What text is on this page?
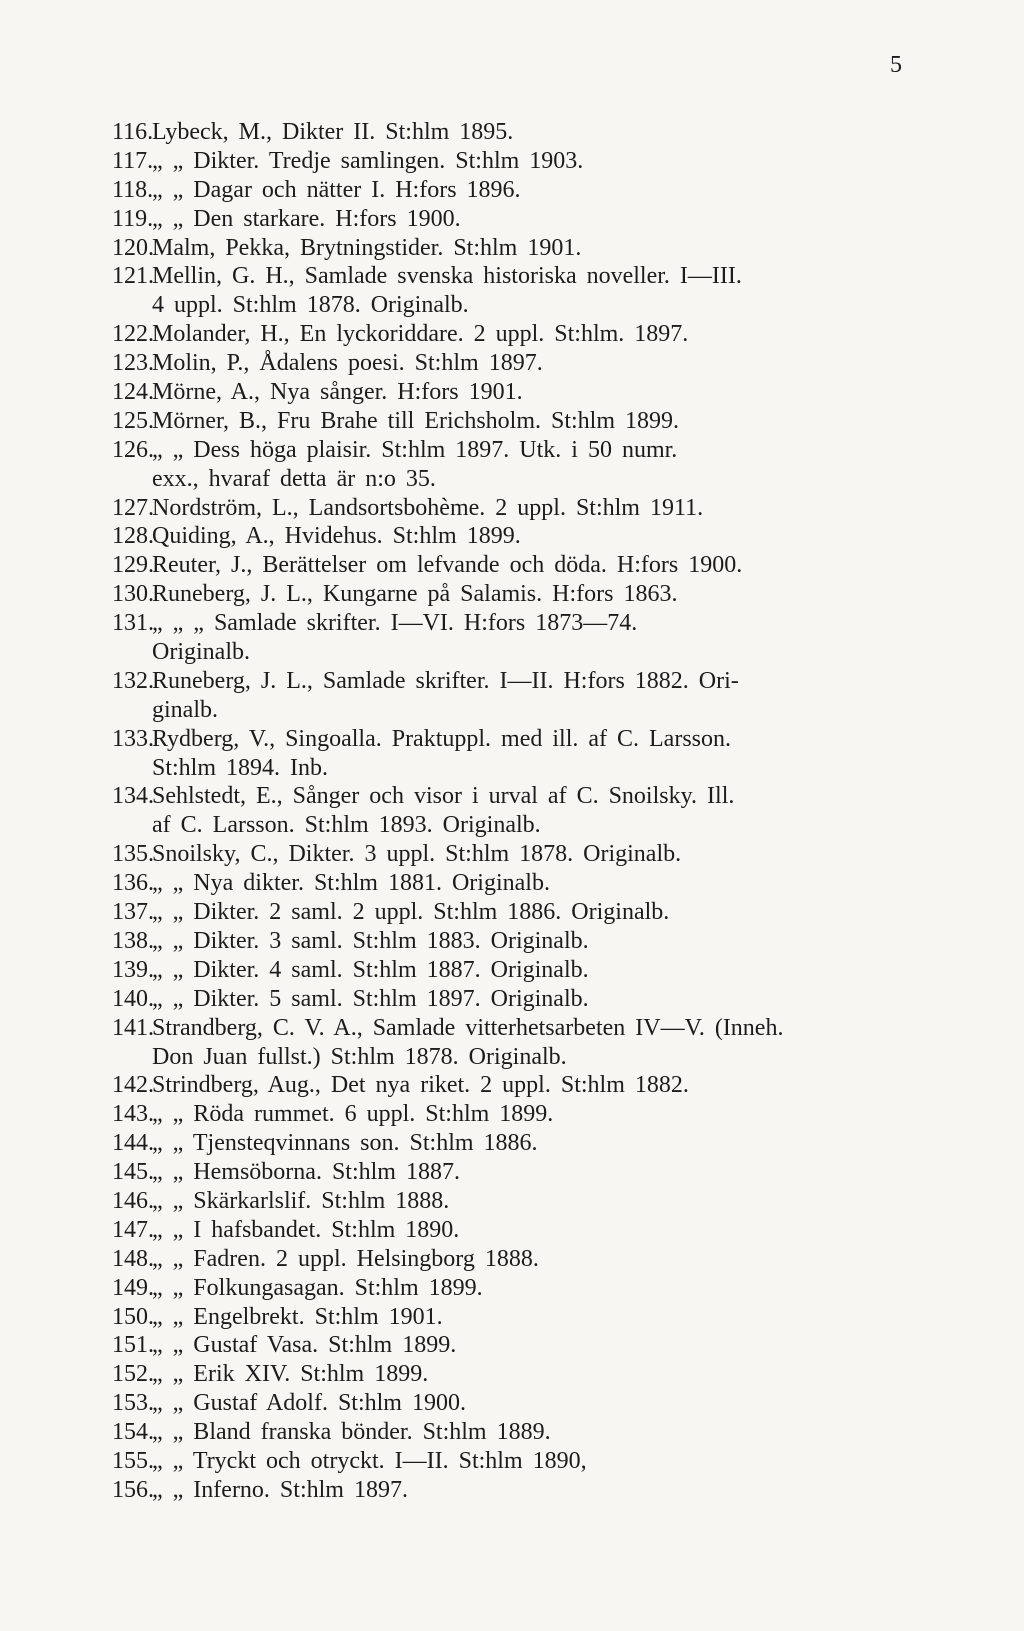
5
116.
Lybeck, M., Dikter II. St:hlm 1895.
117.
„ „ Dikter. Tredje samlingen. St:hlm 1903.
118.
„ „ Dagar och nätter I. H:fors 1896.
119.
„ „ Den starkare. H:fors 1900.
120.
Malm, Pekka, Brytningstider. St:hlm 1901.
121.
Mellin, G. H., Samlade svenska historiska noveller. I—III.
4 uppl. St:hlm 1878. Originalb.
122.
Molander, H., En lyckoriddare. 2 uppl. St:hlm. 1897.
123.
Molin, P., Ådalens poesi. St:hlm 1897.
124.
Mörne, A., Nya sånger. H:fors 1901.
125.
Mörner, B., Fru Brahe till Erichsholm. St:hlm 1899.
126.
„ „ Dess höga plaisir. St:hlm 1897. Utk. i 50 numr.
exx., hvaraf detta är n:o 35.
127.
Nordström, L., Landsortsbohème. 2 uppl. St:hlm 1911.
128.
Quiding, A., Hvidehus. St:hlm 1899.
129.
Reuter, J., Berättelser om lefvande och döda. H:fors 1900.
130.
Runeberg, J. L., Kungarne på Salamis. H:fors 1863.
131.
„ „ „ Samlade skrifter. I—VI. H:fors 1873—74.
Originalb.
132.
Runeberg, J. L., Samlade skrifter. I—II. H:fors 1882. Ori-
ginalb.
133.
Rydberg, V., Singoalla. Praktuppl. med ill. af C. Larsson.
St:hlm 1894. Inb.
134.
Sehlstedt, E., Sånger och visor i urval af C. Snoilsky. Ill.
af C. Larsson. St:hlm 1893. Originalb.
135.
Snoilsky, C., Dikter. 3 uppl. St:hlm 1878. Originalb.
136.
„ „ Nya dikter. St:hlm 1881. Originalb.
137.
„ „ Dikter. 2 saml. 2 uppl. St:hlm 1886. Originalb.
138.
„ „ Dikter. 3 saml. St:hlm 1883. Originalb.
139.
„ „ Dikter. 4 saml. St:hlm 1887. Originalb.
140.
„ „ Dikter. 5 saml. St:hlm 1897. Originalb.
141.
Strandberg, C. V. A., Samlade vitterhetsarbeten IV—V. (Inneh.
Don Juan fullst.) St:hlm 1878. Originalb.
142.
Strindberg, Aug., Det nya riket. 2 uppl. St:hlm 1882.
143.
„ „ Röda rummet. 6 uppl. St:hlm 1899.
144.
„ „ Tjensteqvinnans son. St:hlm 1886.
145.
„ „ Hemsöborna. St:hlm 1887.
146.
„ „ Skärkarlslif. St:hlm 1888.
147.
„ „ I hafsbandet. St:hlm 1890.
148.
„ „ Fadren. 2 uppl. Helsingborg 1888.
149.
„ „ Folkungasagan. St:hlm 1899.
150.
„ „ Engelbrekt. St:hlm 1901.
151.
„ „ Gustaf Vasa. St:hlm 1899.
152.
„ „ Erik XIV. St:hlm 1899.
153.
„ „ Gustaf Adolf. St:hlm 1900.
154.
„ „ Bland franska bönder. St:hlm 1889.
155.
„ „ Tryckt och otryckt. I—II. St:hlm 1890,
156.
„ „ Inferno. St:hlm 1897.
